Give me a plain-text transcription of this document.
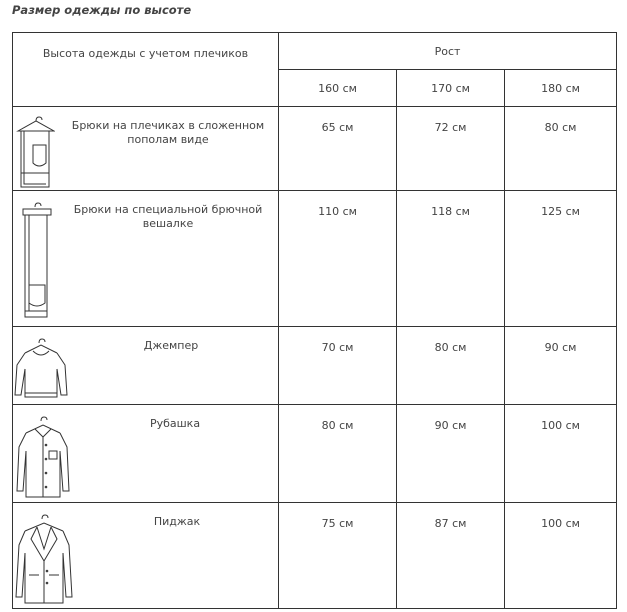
Размер одежды по высоте
Высота одежды с учетом плечиков	Рост		
	160 см	170 см	180 см

Брюки на плечиках в сложенном пополам виде	65 см	72 см	80 см

Брюки на специальной брючной вешалке	110 см	118 см	125 см

Джемпер	70 см	80 см	90 см

Рубашка	80 см	90 см	100 см

Пиджак	75 см	87 см	100 см
